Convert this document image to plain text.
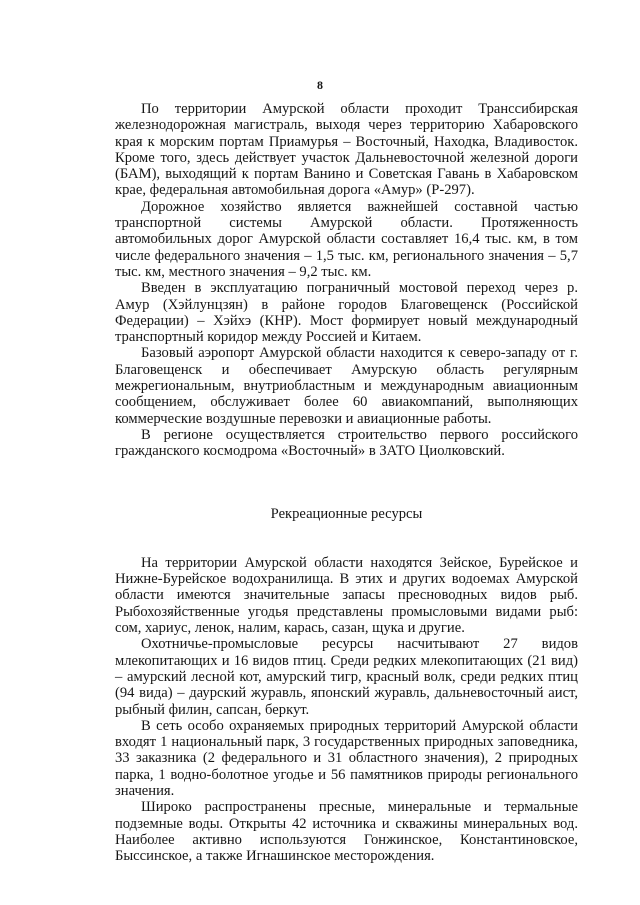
8

По территории Амурской области проходит Транссибирская железнодорожная магистраль, выходя через территорию Хабаровского края к морским портам Приамурья – Восточный, Находка, Владивосток. Кроме того, здесь действует участок Дальневосточной железной дороги (БАМ), выходящий к портам Ванино и Советская Гавань в Хабаровском крае, федеральная автомобильная дорога «Амур» (Р-297).

Дорожное хозяйство является важнейшей составной частью транспортной системы Амурской области. Протяженность автомобильных дорог Амурской области составляет 16,4 тыс. км, в том числе федерального значения – 1,5 тыс. км, регионального значения – 5,7 тыс. км, местного значения – 9,2 тыс. км.

Введен в эксплуатацию пограничный мостовой переход через р. Амур (Хэйлунцзян) в районе городов Благовещенск (Российской Федерации) – Хэйхэ (КНР). Мост формирует новый международный транспортный коридор между Россией и Китаем.

Базовый аэропорт Амурской области находится к северо-западу от г. Благовещенск и обеспечивает Амурскую область регулярным межрегиональным, внутриобластным и международным авиационным сообщением, обслуживает более 60 авиакомпаний, выполняющих коммерческие воздушные перевозки и авиационные работы.

В регионе осуществляется строительство первого российского гражданского космодрома «Восточный» в ЗАТО Циолковский.

Рекреационные ресурсы

На территории Амурской области находятся Зейское, Бурейское и Нижне-Бурейское водохранилища. В этих и других водоемах Амурской области имеются значительные запасы пресноводных видов рыб. Рыбохозяйственные угодья представлены промысловыми видами рыб: сом, хариус, ленок, налим, карась, сазан, щука и другие.

Охотничье-промысловые ресурсы насчитывают 27 видов млекопитающих и 16 видов птиц. Среди редких млекопитающих (21 вид) – амурский лесной кот, амурский тигр, красный волк, среди редких птиц (94 вида) – даурский журавль, японский журавль, дальневосточный аист, рыбный филин, сапсан, беркут.

В сеть особо охраняемых природных территорий Амурской области входят 1 национальный парк, 3 государственных природных заповедника, 33 заказника (2 федерального и 31 областного значения), 2 природных парка, 1 водно-болотное угодье и 56 памятников природы регионального значения.

Широко распространены пресные, минеральные и термальные подземные воды. Открыты 42 источника и скважины минеральных вод. Наиболее активно используются Гонжинское, Константиновское, Быссинское, а также Игнашинское месторождения.
